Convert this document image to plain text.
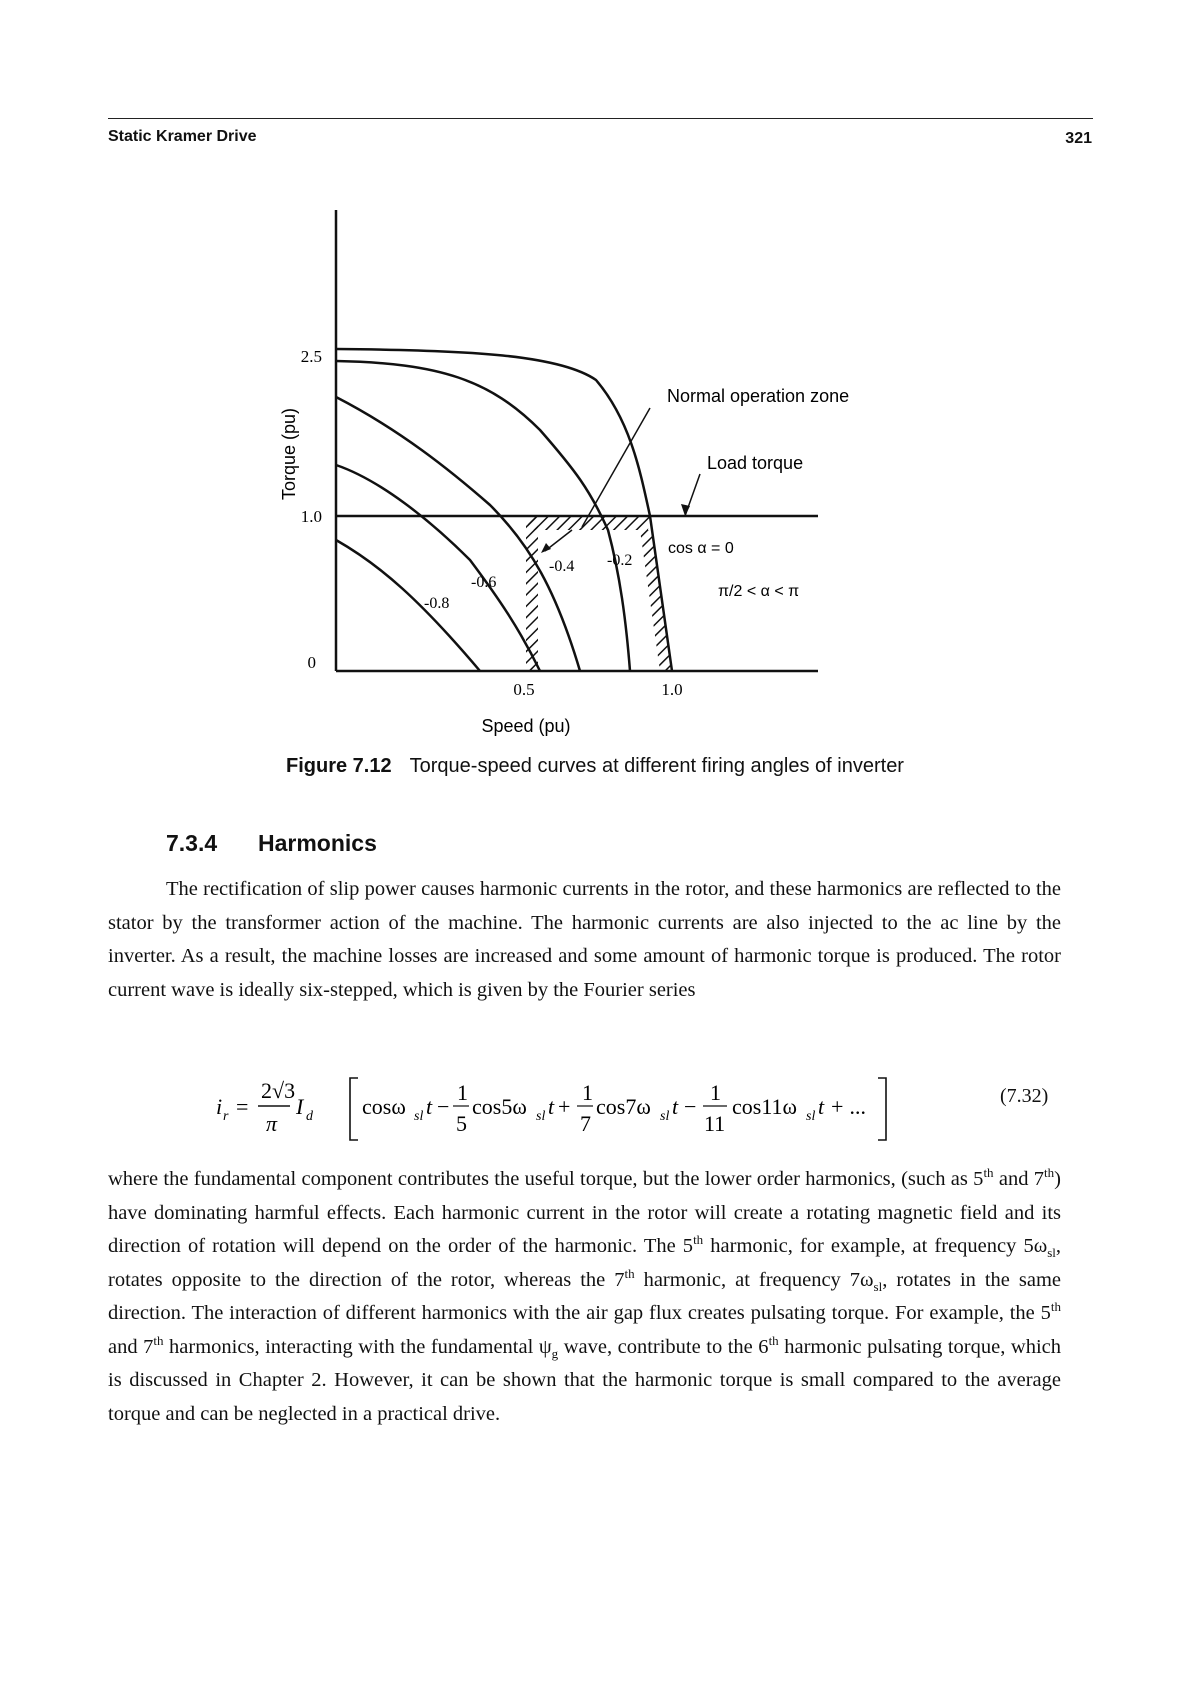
Static Kramer Drive	321
2.5
1.0
0
0.5	1.0
Torque (pu)
Speed (pu)
-0.8
-0.6
-0.4 -0.2
Normal operation zone
Load torque
cos α = 0
π/2 < α < π
Figure 7.12 Torque-speed curves at different firing angles of inverter
7.3.4 Harmonics

The rectification of slip power causes harmonic currents in the rotor, and these harmonics are reflected to the stator by the transformer action of the machine. The harmonic currents are also injected to the ac line by the inverter. As a result, the machine losses are increased and some amount of harmonic torque is produced. The rotor current wave is ideally six-stepped, which is given by the Fourier series

i r =
2√3
π
I d cosω sl t −
1
5
cos5ω sl t +
1
7
cos7ω sl t −
1
11
cos11ω sl t + ...	(7.32)

where the fundamental component contributes the useful torque, but the lower order harmonics, (such as 5th and 7th) have dominating harmful effects. Each harmonic current in the rotor will create a rotating magnetic field and its direction of rotation will depend on the order of the harmonic. The 5th harmonic, for example, at frequency $5\omega_{sl}$, rotates opposite to the direction of the rotor, whereas the 7th harmonic, at frequency $7\omega_{sl}$, rotates in the same direction. The interaction of different harmonics with the air gap flux creates pulsating torque. For example, the 5th and 7th harmonics, interacting with the fundamental $\psi_g$ wave, contribute to the 6th harmonic pulsating torque, which is discussed in Chapter 2. However, it can be shown that the harmonic torque is small compared to the average torque and can be neglected in a practical drive.
